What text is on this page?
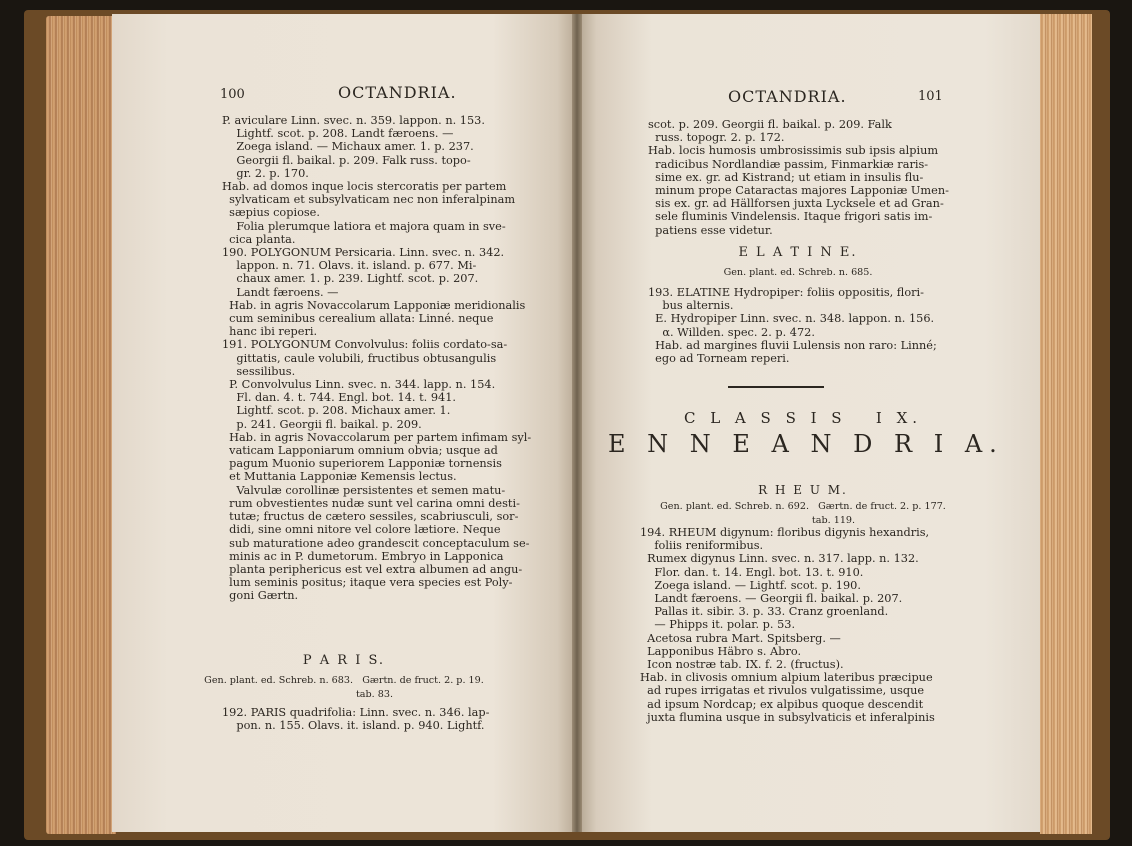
100	OCTANDRIA.
P. aviculare Linn. svec. n. 359. lappon. n. 153.
Lightf. scot. p. 208. Landt færoens. —
Zoega island. — Michaux amer. 1. p. 237.
Georgii fl. baikal. p. 209. Falk russ. topo-
gr. 2. p. 170.
Hab. ad domos inque locis stercoratis per partem
sylvaticam et subsylvaticam nec non inferalpinam
sæpius copiose.
Folia plerumque latiora et majora quam in sve-
cica planta.
190. POLYGONUM Persicaria. Linn. svec. n. 342.
lappon. n. 71. Olavs. it. island. p. 677. Mi-
chaux amer. 1. p. 239. Lightf. scot. p. 207.
Landt færoens. —
Hab. in agris Novaccolarum Lapponiæ meridionalis
cum seminibus cerealium allata: Linné. neque
hanc ibi reperi.
191. POLYGONUM Convolvulus: foliis cordato-sa-
gittatis, caule volubili, fructibus obtusangulis
sessilibus.
P. Convolvulus Linn. svec. n. 344. lapp. n. 154.
Fl. dan. 4. t. 744. Engl. bot. 14. t. 941.
Lightf. scot. p. 208. Michaux amer. 1.
p. 241. Georgii fl. baikal. p. 209.
Hab. in agris Novaccolarum per partem infimam syl-
vaticam Lapponiarum omnium obvia; usque ad
pagum Muonio superiorem Lapponiæ tornensis
et Muttania Lapponiæ Kemensis lectus.
Valvulæ corollinæ persistentes et semen matu-
rum obvestientes nudæ sunt vel carina omni desti-
tutæ; fructus de cætero sessiles, scabriusculi, sor-
didi, sine omni nitore vel colore lætiore. Neque
sub maturatione adeo grandescit conceptaculum se-
minis ac in P. dumetorum. Embryo in Lapponica
planta periphericus est vel extra albumen ad angu-
lum seminis positus; itaque vera species est Poly-
goni Gærtn.
P A R I S.
Gen. plant. ed. Schreb. n. 683.   Gærtn. de fruct. 2. p. 19.
tab. 83.
192. PARIS quadrifolia: Linn. svec. n. 346. lap-
pon. n. 155. Olavs. it. island. p. 940. Lightf.
OCTANDRIA.	101
scot. p. 209. Georgii fl. baikal. p. 209. Falk
russ. topogr. 2. p. 172.
Hab. locis humosis umbrosissimis sub ipsis alpium
radicibus Nordlandiæ passim, Finmarkiæ raris-
sime ex. gr. ad Kistrand; ut etiam in insulis flu-
minum prope Cataractas majores Lapponiæ Umen-
sis ex. gr. ad Hällforsen juxta Lycksele et ad Gran-
sele fluminis Vindelensis. Itaque frigori satis im-
patiens esse videtur.
E L A T I N E.
Gen. plant. ed. Schreb. n. 685.
193. ELATINE Hydropiper: foliis oppositis, flori-
bus alternis.
E. Hydropiper Linn. svec. n. 348. lappon. n. 156.
α. Willden. spec. 2. p. 472.
Hab. ad margines fluvii Lulensis non raro: Linné;
ego ad Torneam reperi.
C L A S S I S   I X.
E N N E A N D R I A.
R H E U M.
Gen. plant. ed. Schreb. n. 692.   Gærtn. de fruct. 2. p. 177.
tab. 119.
194. RHEUM digynum: floribus digynis hexandris,
foliis reniformibus.
Rumex digynus Linn. svec. n. 317. lapp. n. 132.
Flor. dan. t. 14. Engl. bot. 13. t. 910.
Zoega island. — Lightf. scot. p. 190.
Landt færoens. — Georgii fl. baikal. p. 207.
Pallas it. sibir. 3. p. 33. Cranz groenland.
— Phipps it. polar. p. 53.
Acetosa rubra Mart. Spitsberg. —
Lapponibus Häbro s. Abro.
Icon nostræ tab. IX. f. 2. (fructus).
Hab. in clivosis omnium alpium lateribus præcipue
ad rupes irrigatas et rivulos vulgatissime, usque
ad ipsum Nordcap; ex alpibus quoque descendit
juxta flumina usque in subsylvaticis et inferalpinis
